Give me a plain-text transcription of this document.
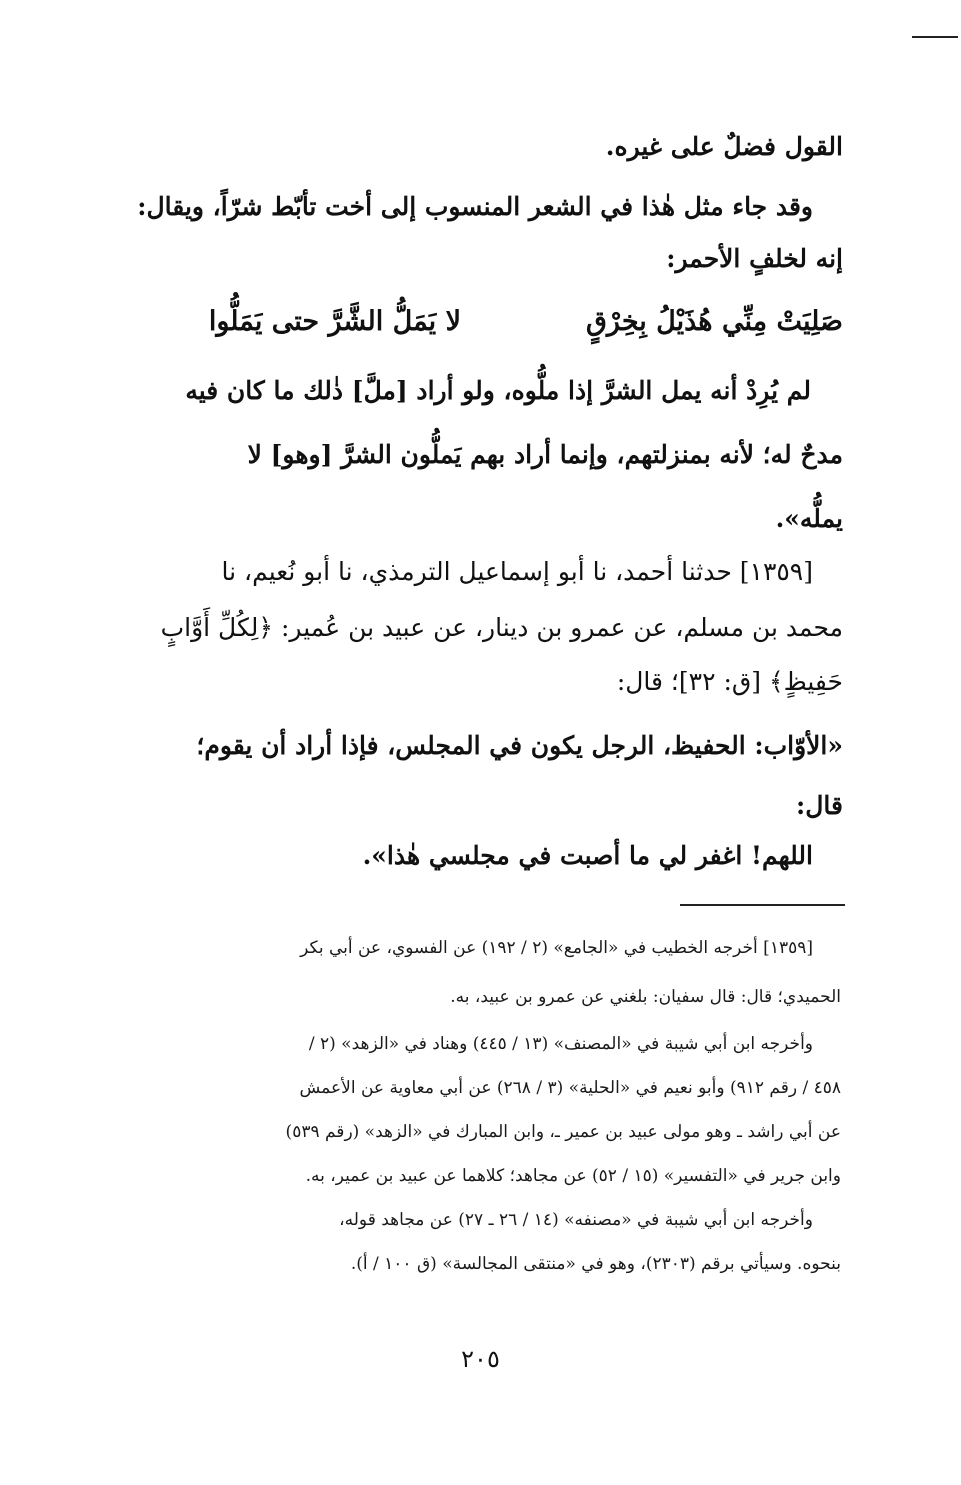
القول فضلٌ على غيره.
وقد جاء مثل هٰذا في الشعر المنسوب إلى أخت تأبّط شرّاً، ويقال:
إنه لخلفٍ الأحمر:
صَلِيَتْ مِنِّي هُذَيْلُ بِخِرْقٍ
لا يَمَلُّ الشَّرَّ حتى يَمَلُّوا
لم يُرِدْ أنه يمل الشرَّ إذا ملُّوه، ولو أراد [ملَّ] ذٰلك ما كان فيه
مدحٌ له؛ لأنه بمنزلتهم، وإنما أراد بهم يَملُّون الشرَّ [وهو] لا
يملُّه».
[١٣٥٩] حدثنا أحمد، نا أبو إسماعيل الترمذي، نا أبو نُعيم، نا
محمد بن مسلم، عن عمرو بن دينار، عن عبيد بن عُمير: ﴿لِكُلِّ أَوَّابٍ
حَفِيظٍ﴾ [ق: ٣٢]؛ قال:
«الأوّاب: الحفيظ، الرجل يكون في المجلس، فإذا أراد أن يقوم؛
قال:
اللهم! اغفر لي ما أصبت في مجلسي هٰذا».
[١٣٥٩] أخرجه الخطيب في «الجامع» (٢ / ١٩٢) عن الفسوي، عن أبي بكر
الحميدي؛ قال: قال سفيان: بلغني عن عمرو بن عبيد، به.
وأخرجه ابن أبي شيبة في «المصنف» (١٣ / ٤٤٥) وهناد في «الزهد» (٢ /
٤٥٨ / رقم ٩١٢) وأبو نعيم في «الحلية» (٣ / ٢٦٨) عن أبي معاوية عن الأعمش
عن أبي راشد ـ وهو مولى عبيد بن عمير ـ، وابن المبارك في «الزهد» (رقم ٥٣٩)
وابن جرير في «التفسير» (١٥ / ٥٢) عن مجاهد؛ كلاهما عن عبيد بن عمير، به.
وأخرجه ابن أبي شيبة في «مصنفه» (١٤ / ٢٦ ـ ٢٧) عن مجاهد قوله،
بنحوه. وسيأتي برقم (٢٣٠٣)، وهو في «منتقى المجالسة» (ق ١٠٠ / أ).
٢٠٥
